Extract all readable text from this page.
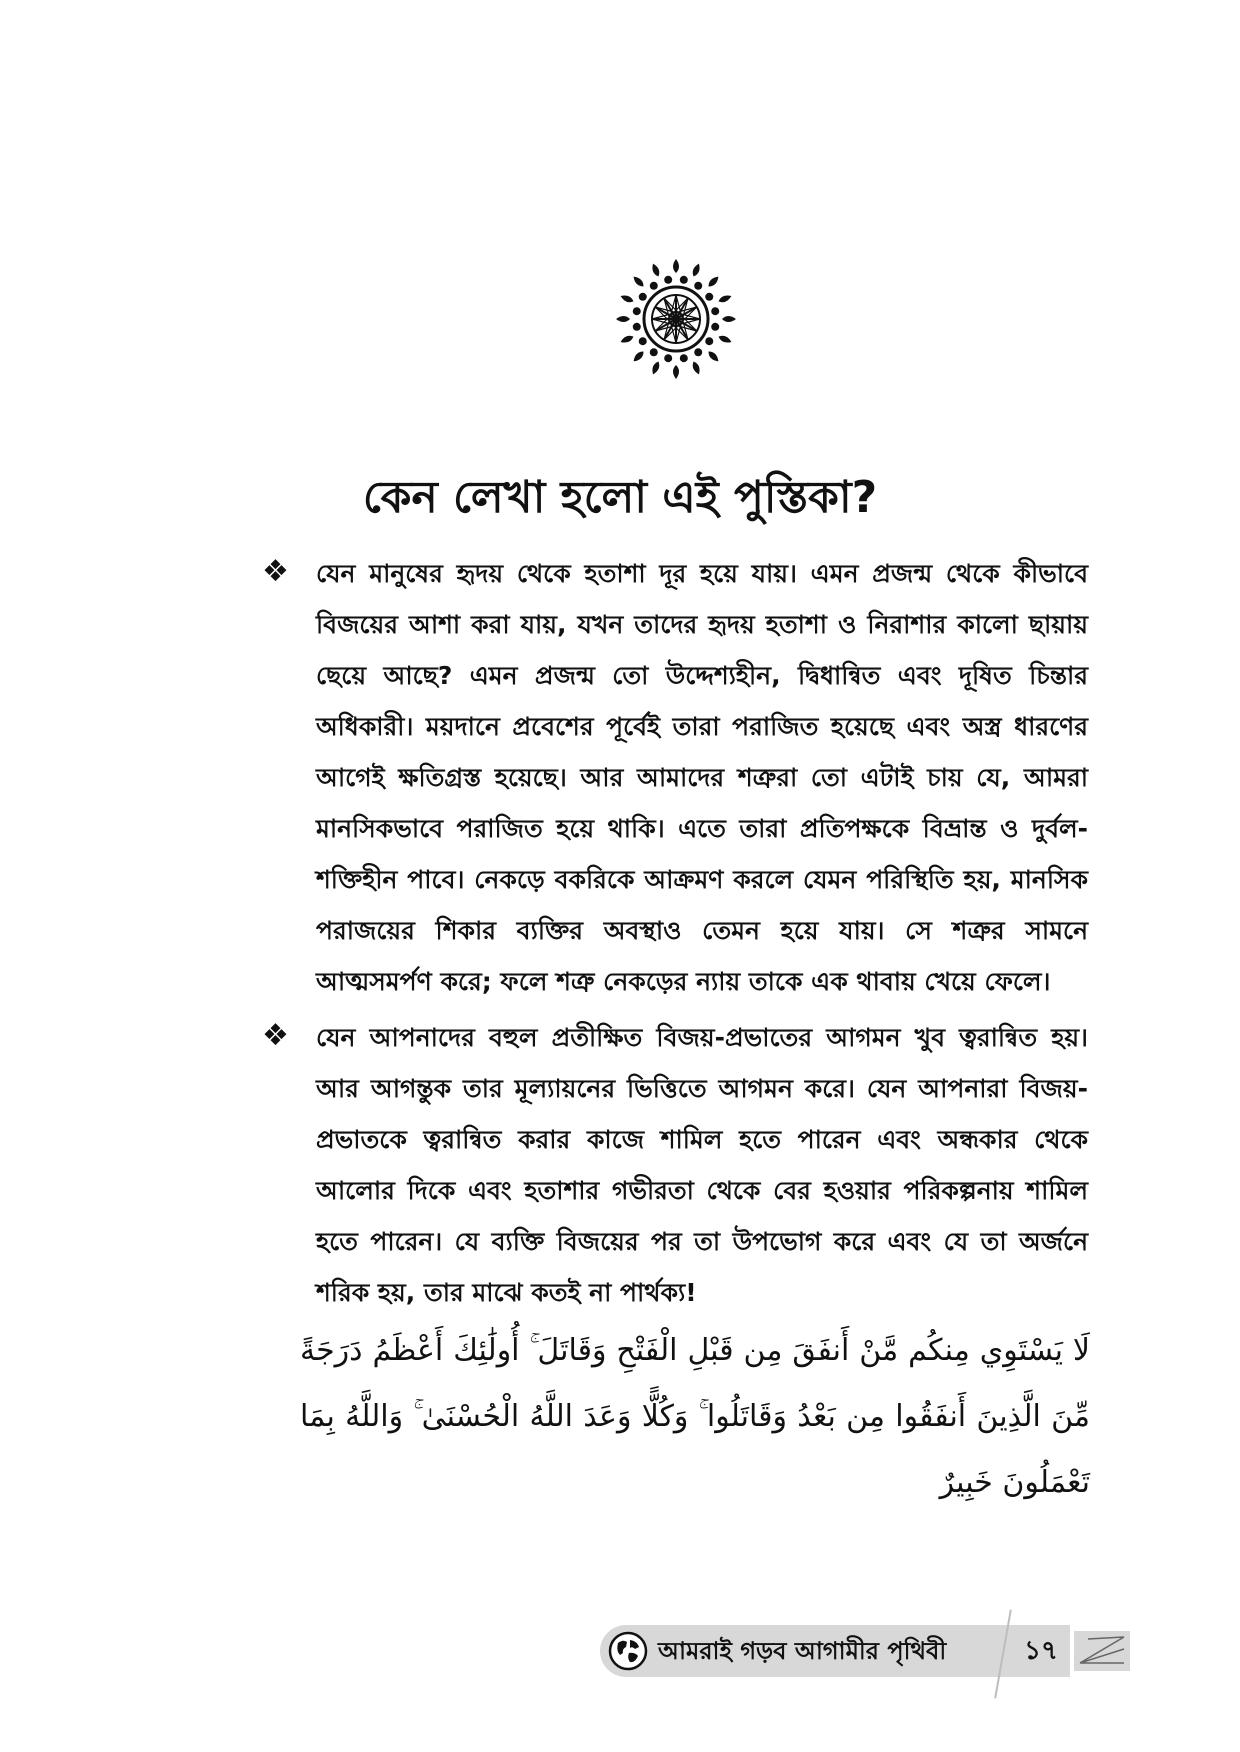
কেন লেখা হলো এই পুস্তিকা?
❖ যেন মানুষের হৃদয় থেকে হতাশা দূর হয়ে যায়। এমন প্রজন্ম থেকে কীভাবে বিজয়ের আশা করা যায়, যখন তাদের হৃদয় হতাশা ও নিরাশার কালো ছায়ায় ছেয়ে আছে? এমন প্রজন্ম তো উদ্দেশ্যহীন, দ্বিধান্বিত এবং দূষিত চিন্তার অধিকারী। ময়দানে প্রবেশের পূর্বেই তারা পরাজিত হয়েছে এবং অস্ত্র ধারণের আগেই ক্ষতিগ্রস্ত হয়েছে। আর আমাদের শত্রুরা তো এটাই চায় যে, আমরা মানসিকভাবে পরাজিত হয়ে থাকি। এতে তারা প্রতিপক্ষকে বিভ্রান্ত ও দুর্বল-শক্তিহীন পাবে। নেকড়ে বকরিকে আক্রমণ করলে যেমন পরিস্থিতি হয়, মানসিক পরাজয়ের শিকার ব্যক্তির অবস্থাও তেমন হয়ে যায়। সে শত্রুর সামনে আত্মসমর্পণ করে; ফলে শত্রু নেকড়ের ন্যায় তাকে এক থাবায় খেয়ে ফেলে।

❖ যেন আপনাদের বহুল প্রতীক্ষিত বিজয়-প্রভাতের আগমন খুব ত্বরান্বিত হয়। আর আগন্তুক তার মূল্যায়নের ভিত্তিতে আগমন করে। যেন আপনারা বিজয়-প্রভাতকে ত্বরান্বিত করার কাজে শামিল হতে পারেন এবং অন্ধকার থেকে আলোর দিকে এবং হতাশার গভীরতা থেকে বের হওয়ার পরিকল্পনায় শামিল হতে পারেন। যে ব্যক্তি বিজয়ের পর তা উপভোগ করে এবং যে তা অর্জনে শরিক হয়, তার মাঝে কতই না পার্থক্য!

لَا يَسْتَوِي مِنكُم مَّنْ أَنفَقَ مِن قَبْلِ الْفَتْحِ وَقَاتَلَ ۚ أُولَٰئِكَ أَعْظَمُ دَرَجَةً مِّنَ الَّذِينَ أَنفَقُوا مِن بَعْدُ وَقَاتَلُوا ۚ وَكُلًّا وَعَدَ اللَّهُ الْحُسْنَىٰ ۚ وَاللَّهُ بِمَا تَعْمَلُونَ خَبِيرٌ

আমরাই গড়ব আগামীর পৃথিবী	১৭
